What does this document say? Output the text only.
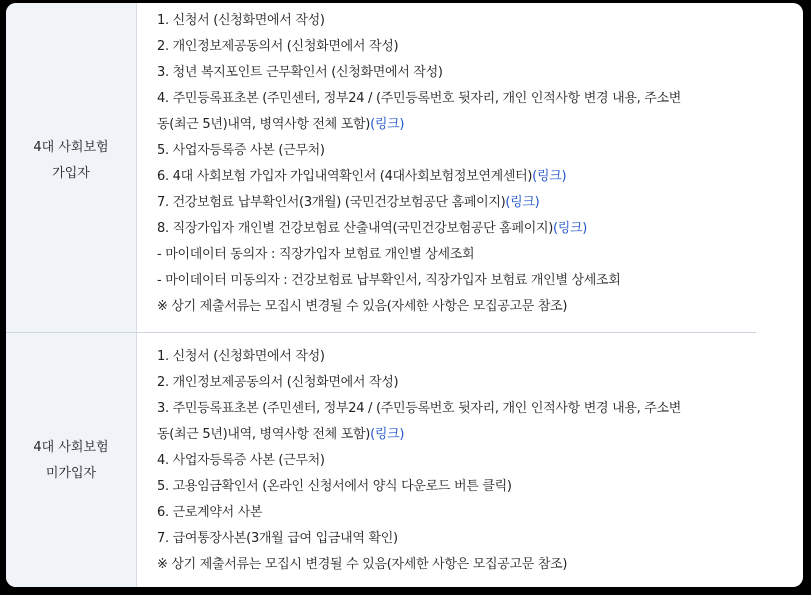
4대 사회보험
가입자
1. 신청서 (신청화면에서 작성)
2. 개인정보제공동의서 (신청화면에서 작성)
3. 청년 복지포인트 근무확인서 (신청화면에서 작성)
4. 주민등록표초본 (주민센터, 정부24 / (주민등록번호 뒷자리, 개인 인적사항 변경 내용, 주소변
동(최근 5년)내역, 병역사항 전체 포함)(링크)
5. 사업자등록증 사본 (근무처)
6. 4대 사회보험 가입자 가입내역확인서 (4대사회보험정보연계센터)(링크)
7. 건강보험료 납부확인서(3개월) (국민건강보험공단 홈페이지)(링크)
8. 직장가입자 개인별 건강보험료 산출내역(국민건강보험공단 홈페이지)(링크)
- 마이데이터 동의자 : 직장가입자 보험료 개인별 상세조회
- 마이데이터 미동의자 : 건강보험료 납부확인서, 직장가입자 보험료 개인별 상세조회
※ 상기 제출서류는 모집시 변경될 수 있음(자세한 사항은 모집공고문 참조)
4대 사회보험
미가입자
1. 신청서 (신청화면에서 작성)
2. 개인정보제공동의서 (신청화면에서 작성)
3. 주민등록표초본 (주민센터, 정부24 / (주민등록번호 뒷자리, 개인 인적사항 변경 내용, 주소변
동(최근 5년)내역, 병역사항 전체 포함)(링크)
4. 사업자등록증 사본 (근무처)
5. 고용임금확인서 (온라인 신청서에서 양식 다운로드 버튼 클릭)
6. 근로계약서 사본
7. 급여통장사본(3개월 급여 입금내역 확인)
※ 상기 제출서류는 모집시 변경될 수 있음(자세한 사항은 모집공고문 참조)
